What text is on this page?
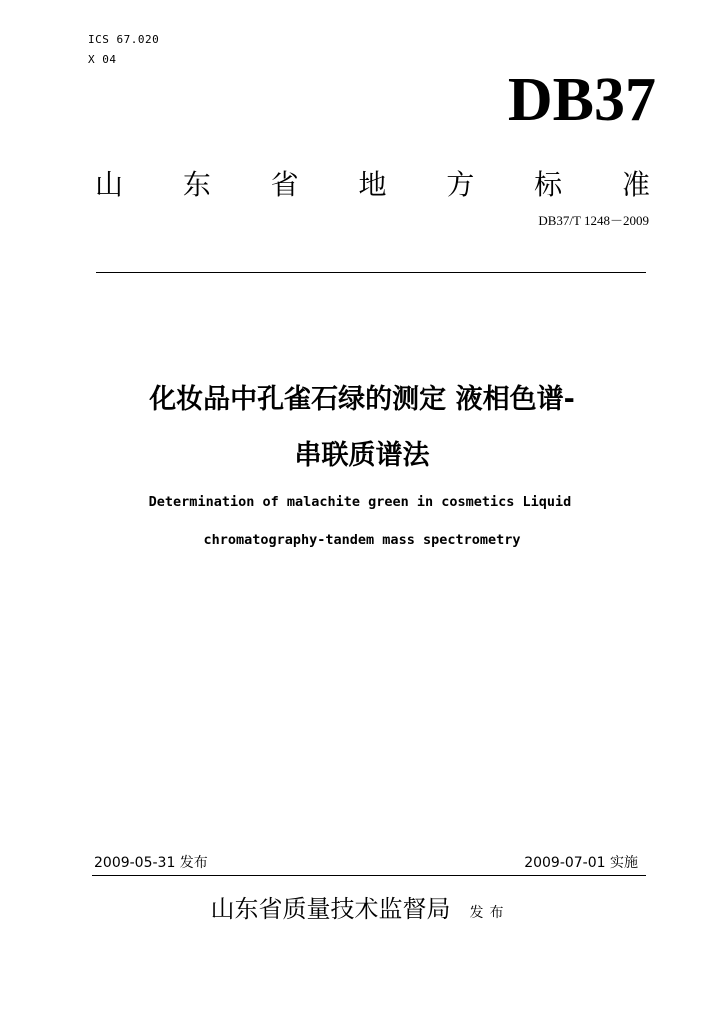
ICS 67.020
X 04
DB37
山 东 省 地 方 标 准
DB37/T 1248－2009
化妆品中孔雀石绿的测定 液相色谱-
串联质谱法
Determination of malachite green in cosmetics Liquid
chromatography-tandem mass spectrometry
2009-05-31 发布	2009-07-01 实施
山东省质量技术监督局 发布
